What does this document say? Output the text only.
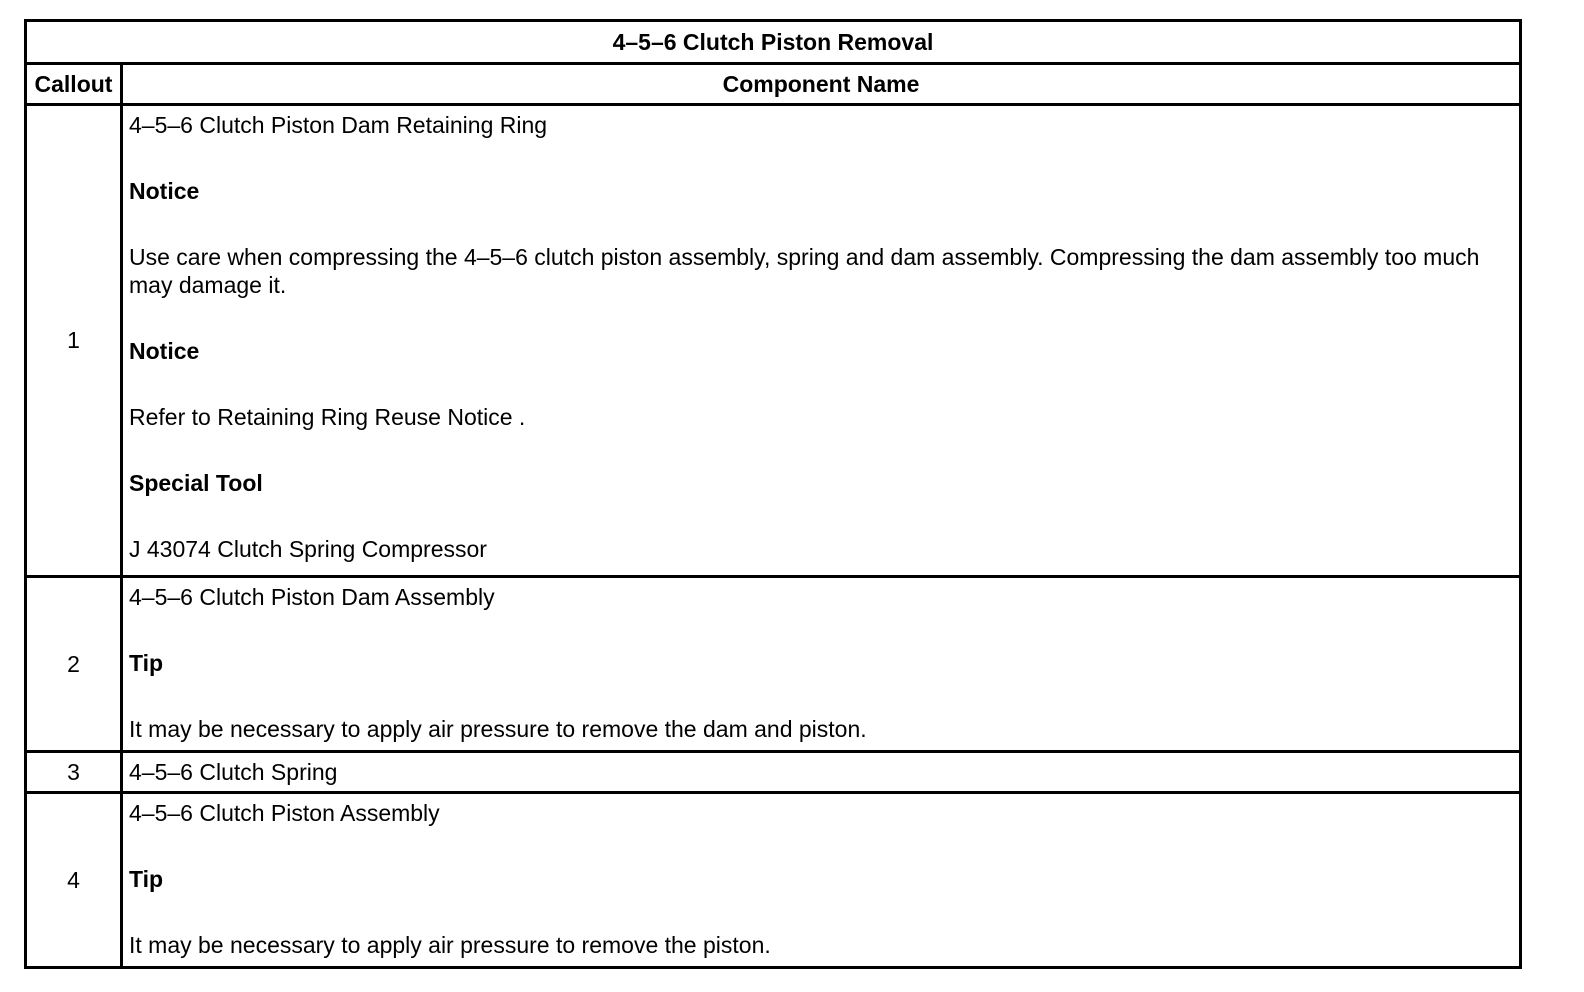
4–5–6 Clutch Piston Removal
Callout	Component Name
1

4–5–6 Clutch Piston Dam Retaining Ring

Notice

Use care when compressing the 4–5–6 clutch piston assembly, spring and dam assembly. Compressing the dam assembly too much may damage it.

Notice

Refer to Retaining Ring Reuse Notice .

Special Tool

J 43074 Clutch Spring Compressor

2

4–5–6 Clutch Piston Dam Assembly

Tip

It may be necessary to apply air pressure to remove the dam and piston.

3	4–5–6 Clutch Spring
4

4–5–6 Clutch Piston Assembly

Tip

It may be necessary to apply air pressure to remove the piston.
